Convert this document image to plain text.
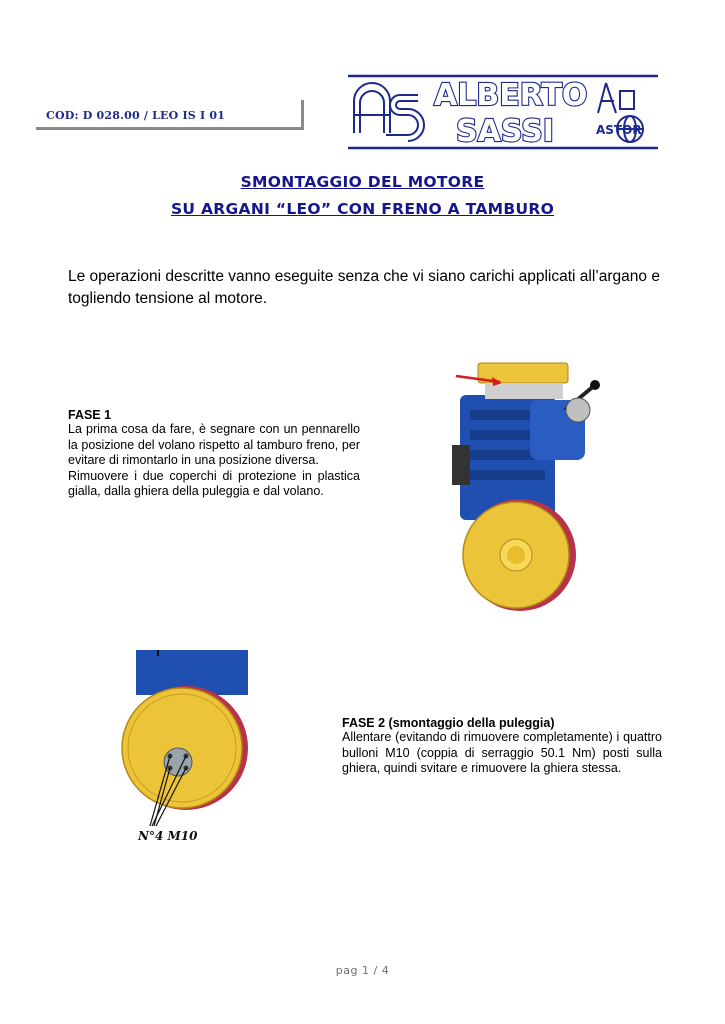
COD: D 028.00 / LEO IS I 01
ALBERTO
SASSI	ASTOR
SMONTAGGIO DEL MOTORE
SU ARGANI “LEO” CON FRENO A TAMBURO
Le operazioni descritte vanno eseguite senza che vi siano carichi applicati all’argano e togliendo tensione al motore.
FASE 1
La prima cosa da fare, è segnare con un pennarello la posizione del volano rispetto al tamburo freno, per evitare di rimontarlo in una posizione diversa.
Rimuovere i due coperchi di protezione in plastica gialla, dalla ghiera della puleggia e dal volano.
N°4 M10
FASE 2 (smontaggio della puleggia)
Allentare (evitando di rimuovere completamente) i quattro bulloni M10 (coppia di serraggio 50.1 Nm) posti sulla ghiera, quindi svitare e rimuovere la ghiera stessa.
pag 1 / 4
